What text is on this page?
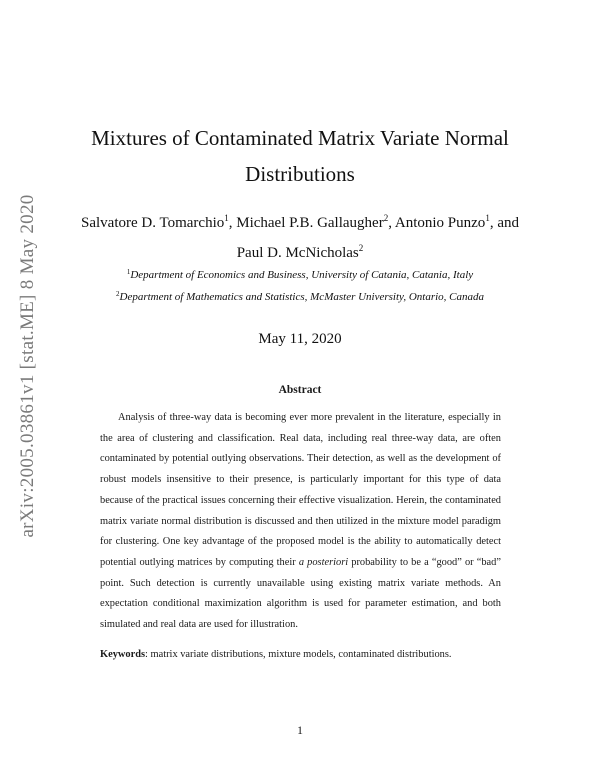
arXiv:2005.03861v1 [stat.ME] 8 May 2020
Mixtures of Contaminated Matrix Variate Normal
Distributions
Salvatore D. Tomarchio$^1$, Michael P.B. Gallaugher$^2$, Antonio Punzo$^1$, and
Paul D. McNicholas$^2$
$^1$Department of Economics and Business, University of Catania, Catania, Italy
$^2$Department of Mathematics and Statistics, McMaster University, Ontario, Canada
May 11, 2020
Abstract

Analysis of three-way data is becoming ever more prevalent in the literature, especially in the area of clustering and classification. Real data, including real three-way data, are often contaminated by potential outlying observations. Their detection, as well as the development of robust models insensitive to their presence, is particularly important for this type of data because of the practical issues concerning their effective visualization. Herein, the contaminated matrix variate normal distribution is discussed and then utilized in the mixture model paradigm for clustering. One key advantage of the proposed model is the ability to automatically detect potential outlying matrices by computing their a posteriori probability to be a “good” or “bad” point. Such detection is currently unavailable using existing matrix variate methods. An expectation conditional maximization algorithm is used for parameter estimation, and both simulated and real data are used for illustration.

Keywords: matrix variate distributions, mixture models, contaminated distributions.

1
